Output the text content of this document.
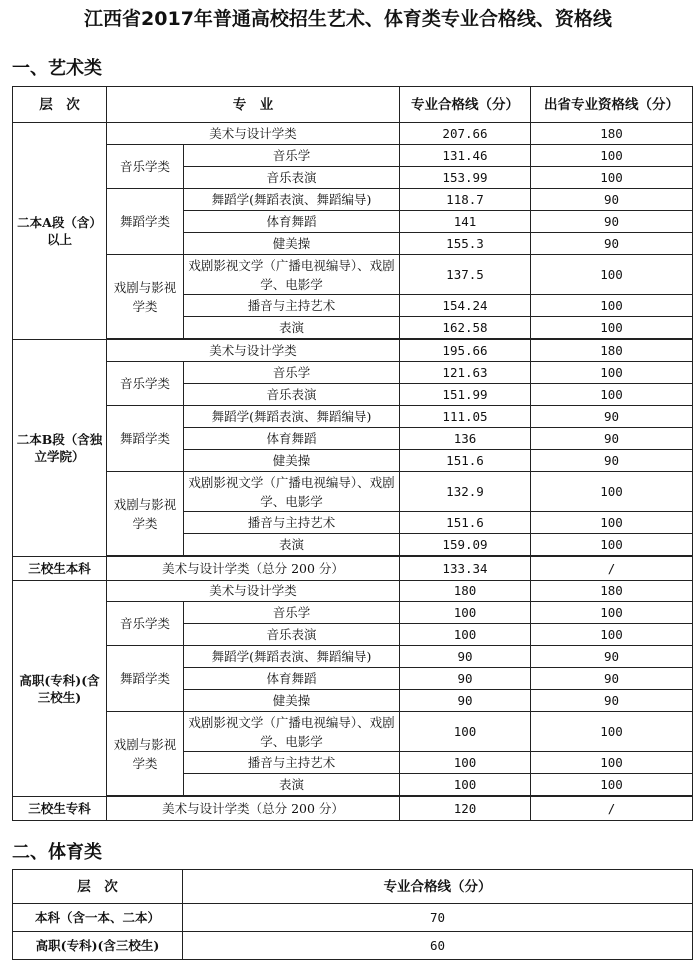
江西省2017年普通高校招生艺术、体育类专业合格线、资格线
一、艺术类
层　次	专　业		专业合格线（分）	出省专业资格线（分）
二本A段（含）以上	美术与设计学类		207.66	180
	音乐学类	音乐学	131.46	100
		音乐表演	153.99	100
	舞蹈学类	舞蹈学(舞蹈表演、舞蹈编导)	118.7	90
		体育舞蹈	141	90
		健美操	155.3	90
	戏剧与影视学类	戏剧影视文学（广播电视编导）、戏剧学、电影学	137.5	100
		播音与主持艺术	154.24	100
		表演	162.58	100

二本B段（含独立学院）	美术与设计学类		195.66	180
	音乐学类	音乐学	121.63	100
		音乐表演	151.99	100
	舞蹈学类	舞蹈学(舞蹈表演、舞蹈编导)	111.05	90
		体育舞蹈	136	90
		健美操	151.6	90
	戏剧与影视学类	戏剧影视文学（广播电视编导）、戏剧学、电影学	132.9	100
		播音与主持艺术	151.6	100
		表演	159.09	100

三校生本科	美术与设计学类（总分 200 分）		133.34	/
高职(专科)(含三校生)	美术与设计学类		180	180
	音乐学类	音乐学	100	100
		音乐表演	100	100
	舞蹈学类	舞蹈学(舞蹈表演、舞蹈编导)	90	90
		体育舞蹈	90	90
		健美操	90	90
	戏剧与影视学类	戏剧影视文学（广播电视编导）、戏剧学、电影学	100	100
		播音与主持艺术	100	100
		表演	100	100

三校生专科	美术与设计学类（总分 200 分）		120	/
二、体育类
层　次	专业合格线（分）
本科（含一本、二本）	70
高职(专科)(含三校生)	60
